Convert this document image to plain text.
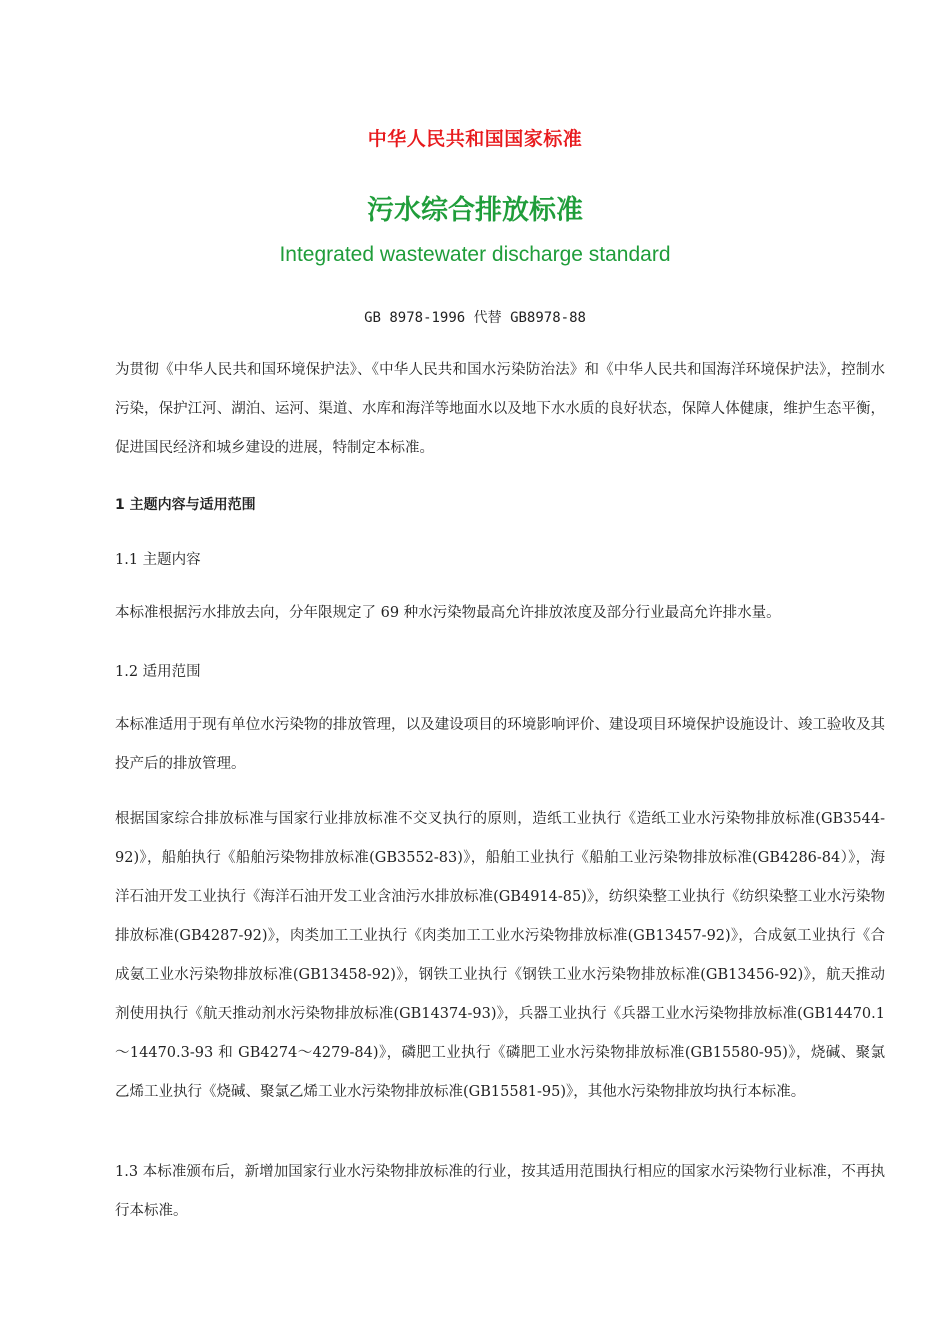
中华人民共和国国家标准
污水综合排放标准
Integrated wastewater discharge standard
GB 8978-1996 代替 GB8978-88

为贯彻《中华人民共和国环境保护法》、《中华人民共和国水污染防治法》和《中华人民共和国海洋环境保护法》，控制水污染，保护江河、湖泊、运河、渠道、水库和海洋等地面水以及地下水水质的良好状态，保障人体健康，维护生态平衡，促进国民经济和城乡建设的进展，特制定本标准。

1 主题内容与适用范围
1.1 主题内容

本标准根据污水排放去向，分年限规定了 69 种水污染物最高允许排放浓度及部分行业最高允许排水量。

1.2 适用范围

本标准适用于现有单位水污染物的排放管理，以及建设项目的环境影响评价、建设项目环境保护设施设计、竣工验收及其投产后的排放管理。

根据国家综合排放标准与国家行业排放标准不交叉执行的原则，造纸工业执行《造纸工业水污染物排放标准(GB3544-92)》，船舶执行《船舶污染物排放标准(GB3552-83)》，船舶工业执行《船舶工业污染物排放标准(GB4286-84）》，海洋石油开发工业执行《海洋石油开发工业含油污水排放标准(GB4914-85)》，纺织染整工业执行《纺织染整工业水污染物排放标准(GB4287-92)》，肉类加工工业执行《肉类加工工业水污染物排放标准(GB13457-92)》，合成氨工业执行《合成氨工业水污染物排放标准(GB13458-92)》，钢铁工业执行《钢铁工业水污染物排放标准(GB13456-92)》，航天推动剂使用执行《航天推动剂水污染物排放标准(GB14374-93)》，兵器工业执行《兵器工业水污染物排放标准(GB14470.1～14470.3-93 和 GB4274～4279-84)》，磷肥工业执行《磷肥工业水污染物排放标准(GB15580-95)》，烧碱、聚氯乙烯工业执行《烧碱、聚氯乙烯工业水污染物排放标准(GB15581-95)》，其他水污染物排放均执行本标准。

1.3 本标准颁布后，新增加国家行业水污染物排放标准的行业，按其适用范围执行相应的国家水污染物行业标准，不再执行本标准。
